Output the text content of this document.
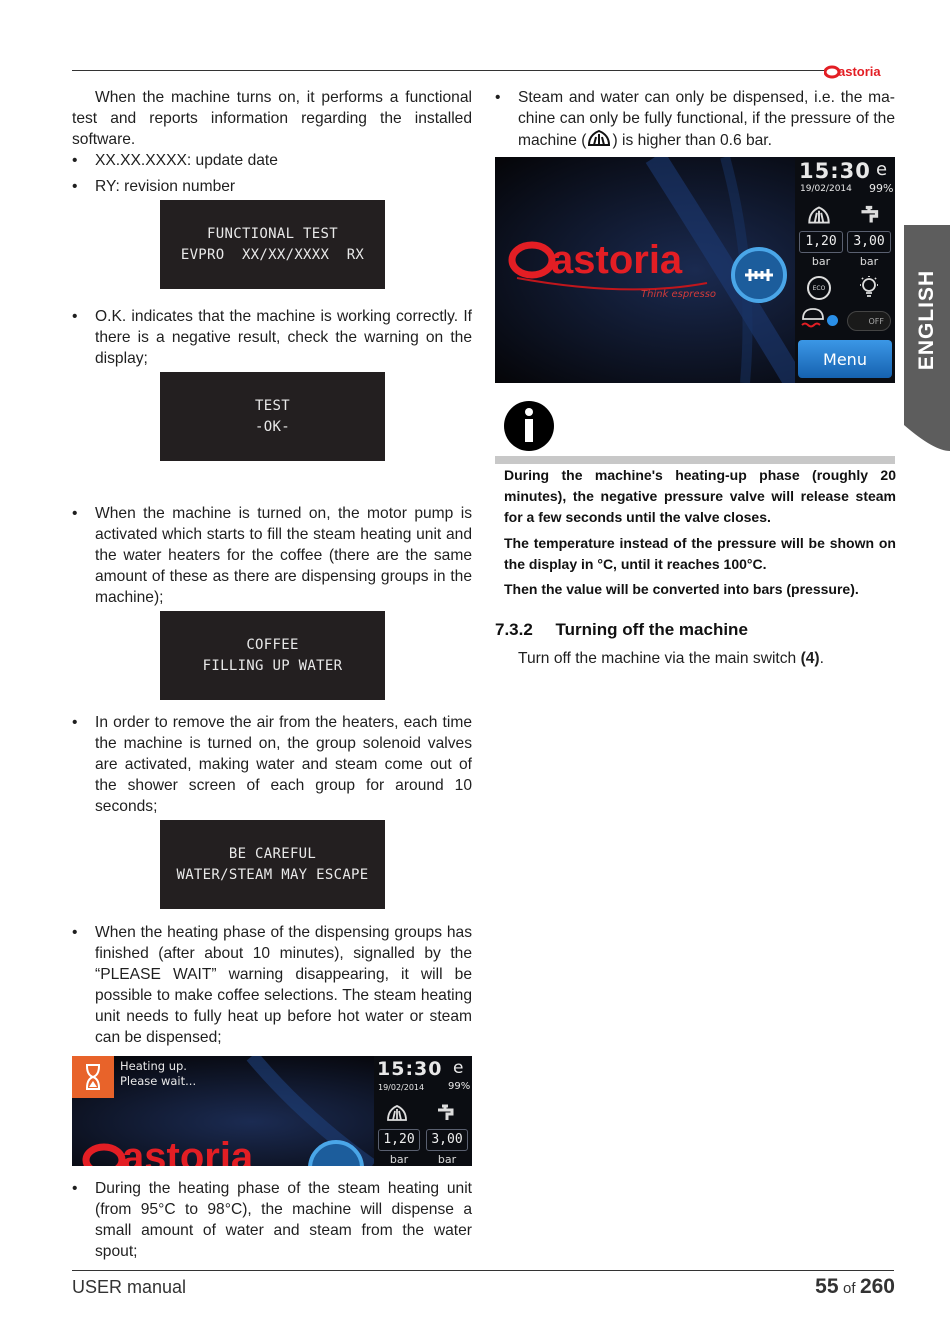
astoria
When the machine turns on, it performs a functional test and reports information regarding the installed software.
• XX.XX.XXXX: update date
• RY: revision number
FUNCTIONAL TEST
EVPRO  XX/XX/XXXX  RX
• O.K. indicates that the machine is working correctly. If there is a negative result, check the warning on the display;
TEST
-OK-
• When the machine is turned on, the motor pump is activated which starts to fill the steam heating unit and the water heaters for the coffee (there are the same amount of these as there are dispensing groups in the machine);
COFFEE
FILLING UP WATER
• In order to remove the air from the heaters, each time the machine is turned on, the group solenoid valves are activated, making water and steam come out of the shower screen of each group for around 10 seconds;
BE CAREFUL
WATER/STEAM MAY ESCAPE
• When the heating phase of the dispensing groups has finished (after about 10 minutes), signalled by the “PLEASE WAIT” warning disappearing, it will be possible to make coffee selections. The steam heating unit needs to fully heat up before hot water or steam can be dispensed;
Heating up.
Please wait...
astoria
15:30
19/02/2014
e
99%
1,20	3,00
bar	bar
• During the heating phase of the steam heating unit (from 95°C to 98°C), the machine will dispense a small amount of water and steam from the water spout;
• Steam and water can only be dispensed, i.e. the ma-chine can only be fully functional, if the pressure of the machine ( ) is higher than 0.6 bar.
astoria
Think espresso
15:30
19/02/2014
e
99%
1,20	3,00
bar	bar
ECO
OFF
Menu
During the machine's heating-up phase (roughly 20 minutes), the negative pressure valve will release steam for a few seconds until the valve closes.
The temperature instead of the pressure will be shown on the display in °C, until it reaches 100°C.
Then the value will be converted into bars (pressure).
7.3.2 Turning off the machine
Turn off the machine via the main switch (4).
ENGLISH
USER manual	55 of 260
